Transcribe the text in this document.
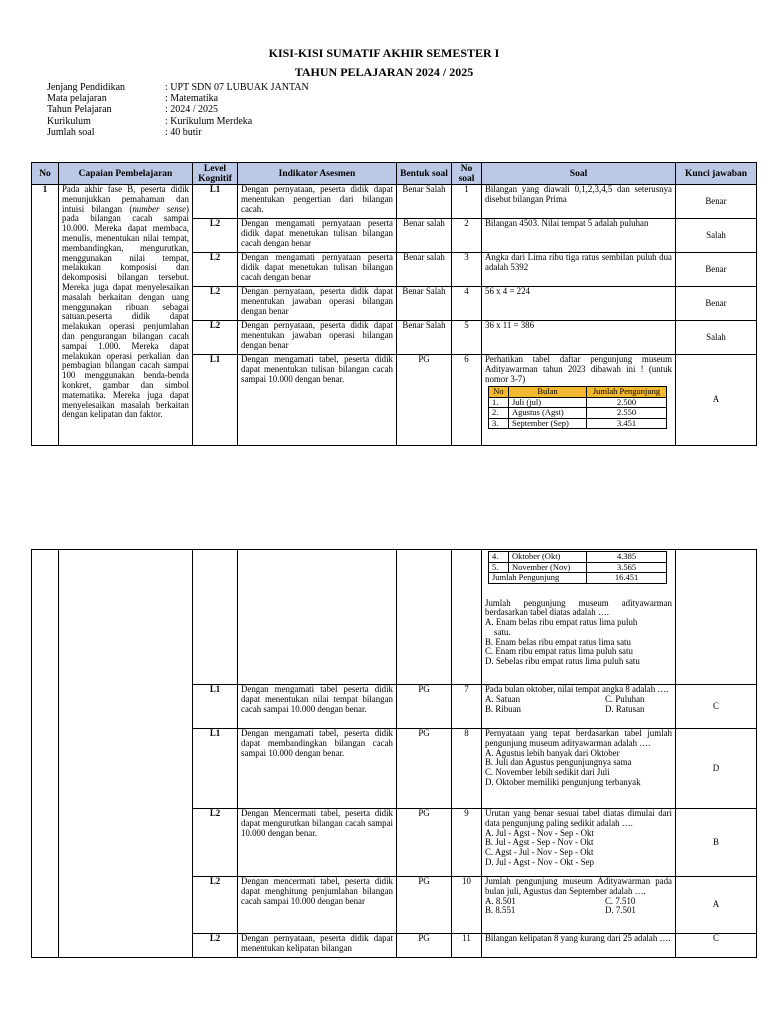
KISI-KISI SUMATIF AKHIR SEMESTER I
TAHUN PELAJARAN 2024 / 2025
Jenjang Pendidikan	: UPT SDN 07 LUBUAK JANTAN
Mata pelajaran	: Matematika
Tahun Pelajaran	: 2024 / 2025
Kurikulum	: Kurikulum Merdeka
Jumlah soal	: 40 butir
No	Capaian Pembelajaran	Level Kognitif	Indikator Asesmen	Bentuk soal	No soal	Soal	Kunci jawaban
1	Pada akhir fase B, peserta didik menunjukkan pemahaman dan intuisi bilangan (number sense) pada bilangan cacah sampai 10.000. Mereka dapat membaca, menulis, menentukan nilai tempat, membandingkan, mengurutkan, menggunakan nilai tempat, melakukan komposisi dan dekomposisi bilangan tersebut. Mereka juga dapat menyelesaikan masalah berkaitan dengan uang menggunakan ribuan sebagai satuan.peserta didik dapat melakukan operasi penjumlahan dan pengurangan bilangan cacah sampai 1.000. Mereka dapat melakukan operasi perkalian dan pembagian bilangan cacah sampai 100 menggunakan benda-benda konkret, gambar dan simbol matematika. Mereka juga dapat menyelesaikan masalah berkaitan dengan kelipatan dan faktor.	L1	Dengan pernyataan, peserta didik dapat menentukan pengertian dari bilangan cacah.	Benar Salah	1	Bilangan yang diawali 0,1,2,3,4,5 dan seterusnya disebut bilangan Prima	Benar
L2	Dengan mengamati pernyataan peserta didik dapat menetukan tulisan bilangan cacah dengan benar	Benar salah	2	Bilangan 4503. Nilai tempat 5 adalah puluhan	Salah
L2	Dengan mengamati pernyataan peserta didik dapat menetukan tulisan bilangan cacah dengan benar	Benar salah	3	Angka dari Lima ribu tiga ratus sembilan puluh dua adalah 5392	Benar
L2	Dengan pernyataan, peserta didik dapat menentukan jawaban operasi bilangan dengan benar	Benar Salah	4	56 x 4 = 224	Benar
L2	Dengan pernyataan, peserta didik dapat menentukan jawaban operasi bilangan dengan benar	Benar Salah	5	36 x 11 = 386	Salah
L1	Dengan mengamati tabel, peserta didik dapat menentukan tulisan bilangan cacah sampai 10.000 dengan benar.	PG	6	Perhatikan tabel daftar pengunjung museum Adityawarman tahun 2023 dibawah ini ! (untuk nomor 3-7)
No	Bulan	Jumlah Pengunjung
1.	Juli (jul)	2.500
2.	Agustus (Agst)	2.550
3.	September (Sep)	3.451
	A

4.	Oktober (Okt)	4.385
5.	November (Nov)	3.565
Jumlah Pengunjung	16.451
Jumlah pengunjung museum adityawarman berdasarkan tabel diatas adalah ….
A. Enam belas ribu empat ratus lima puluh
satu.
B. Enam belas ribu empat ratus lima satu
C. Enam ribu empat ratus lima puluh satu
D. Sebelas ribu empat ratus lima puluh satu

L1	Dengan mengamati tabel peserta didik dapat menentukan nilai tempat bilangan cacah sampai 10.000 dengan benar.	PG	7	Pada bulan oktober, nilai tempat angka 8 adalah ….
A. Satuan	C. Puluhan
B. Ribuan	D. Ratusan	C
L1	Dengan mengamati tabel, peserta didik dapat membandingkan bilangan cacah sampai 10.000 dengan benar.	PG	8	Pernyataan yang tepat berdasarkan tabel jumlah pengunjung museum adityawarman adalah ….
A. Agustus lebih banyak dari Oktober
B. Juli dan Agustus pengunjungnya sama
C. November lebih sedikit dari Juli
D. Oktober memiliki pengunjung terbanyak
	D
L2	Dengan Mencermati tabel, peserta didik dapat mengurutkan bilangan cacah sampai 10.000 dengan benar.	PG	9	Urutan yang benar sesuai tabel diatas dimulai dari data pengunjung paling sedikit adalah ….
A. Jul - Agst - Nov - Sep - Okt
B. Jul - Agst - Sep - Nov - Okt
C. Agst - Jul - Nov - Sep - Okt
D. Jul - Agst - Nov - Okt - Sep
	B
L2	Dengan mencermati tabel, peserta didik dapat menghitung penjumlahan bilangan cacah sampai 10.000 dengan benar	PG	10	Jumlah pengunjung museum Adityawarman pada bulan juli, Agustus dan September adalah ….
A. 8.501	C. 7.510
B. 8.551	D. 7.501
	A
L2	Dengan pernyataan, peserta didik dapat menentukan kelipatan bilangan	PG	11	Bilangan kelipatan 8 yang kurang dari 25 adalah ….	C
